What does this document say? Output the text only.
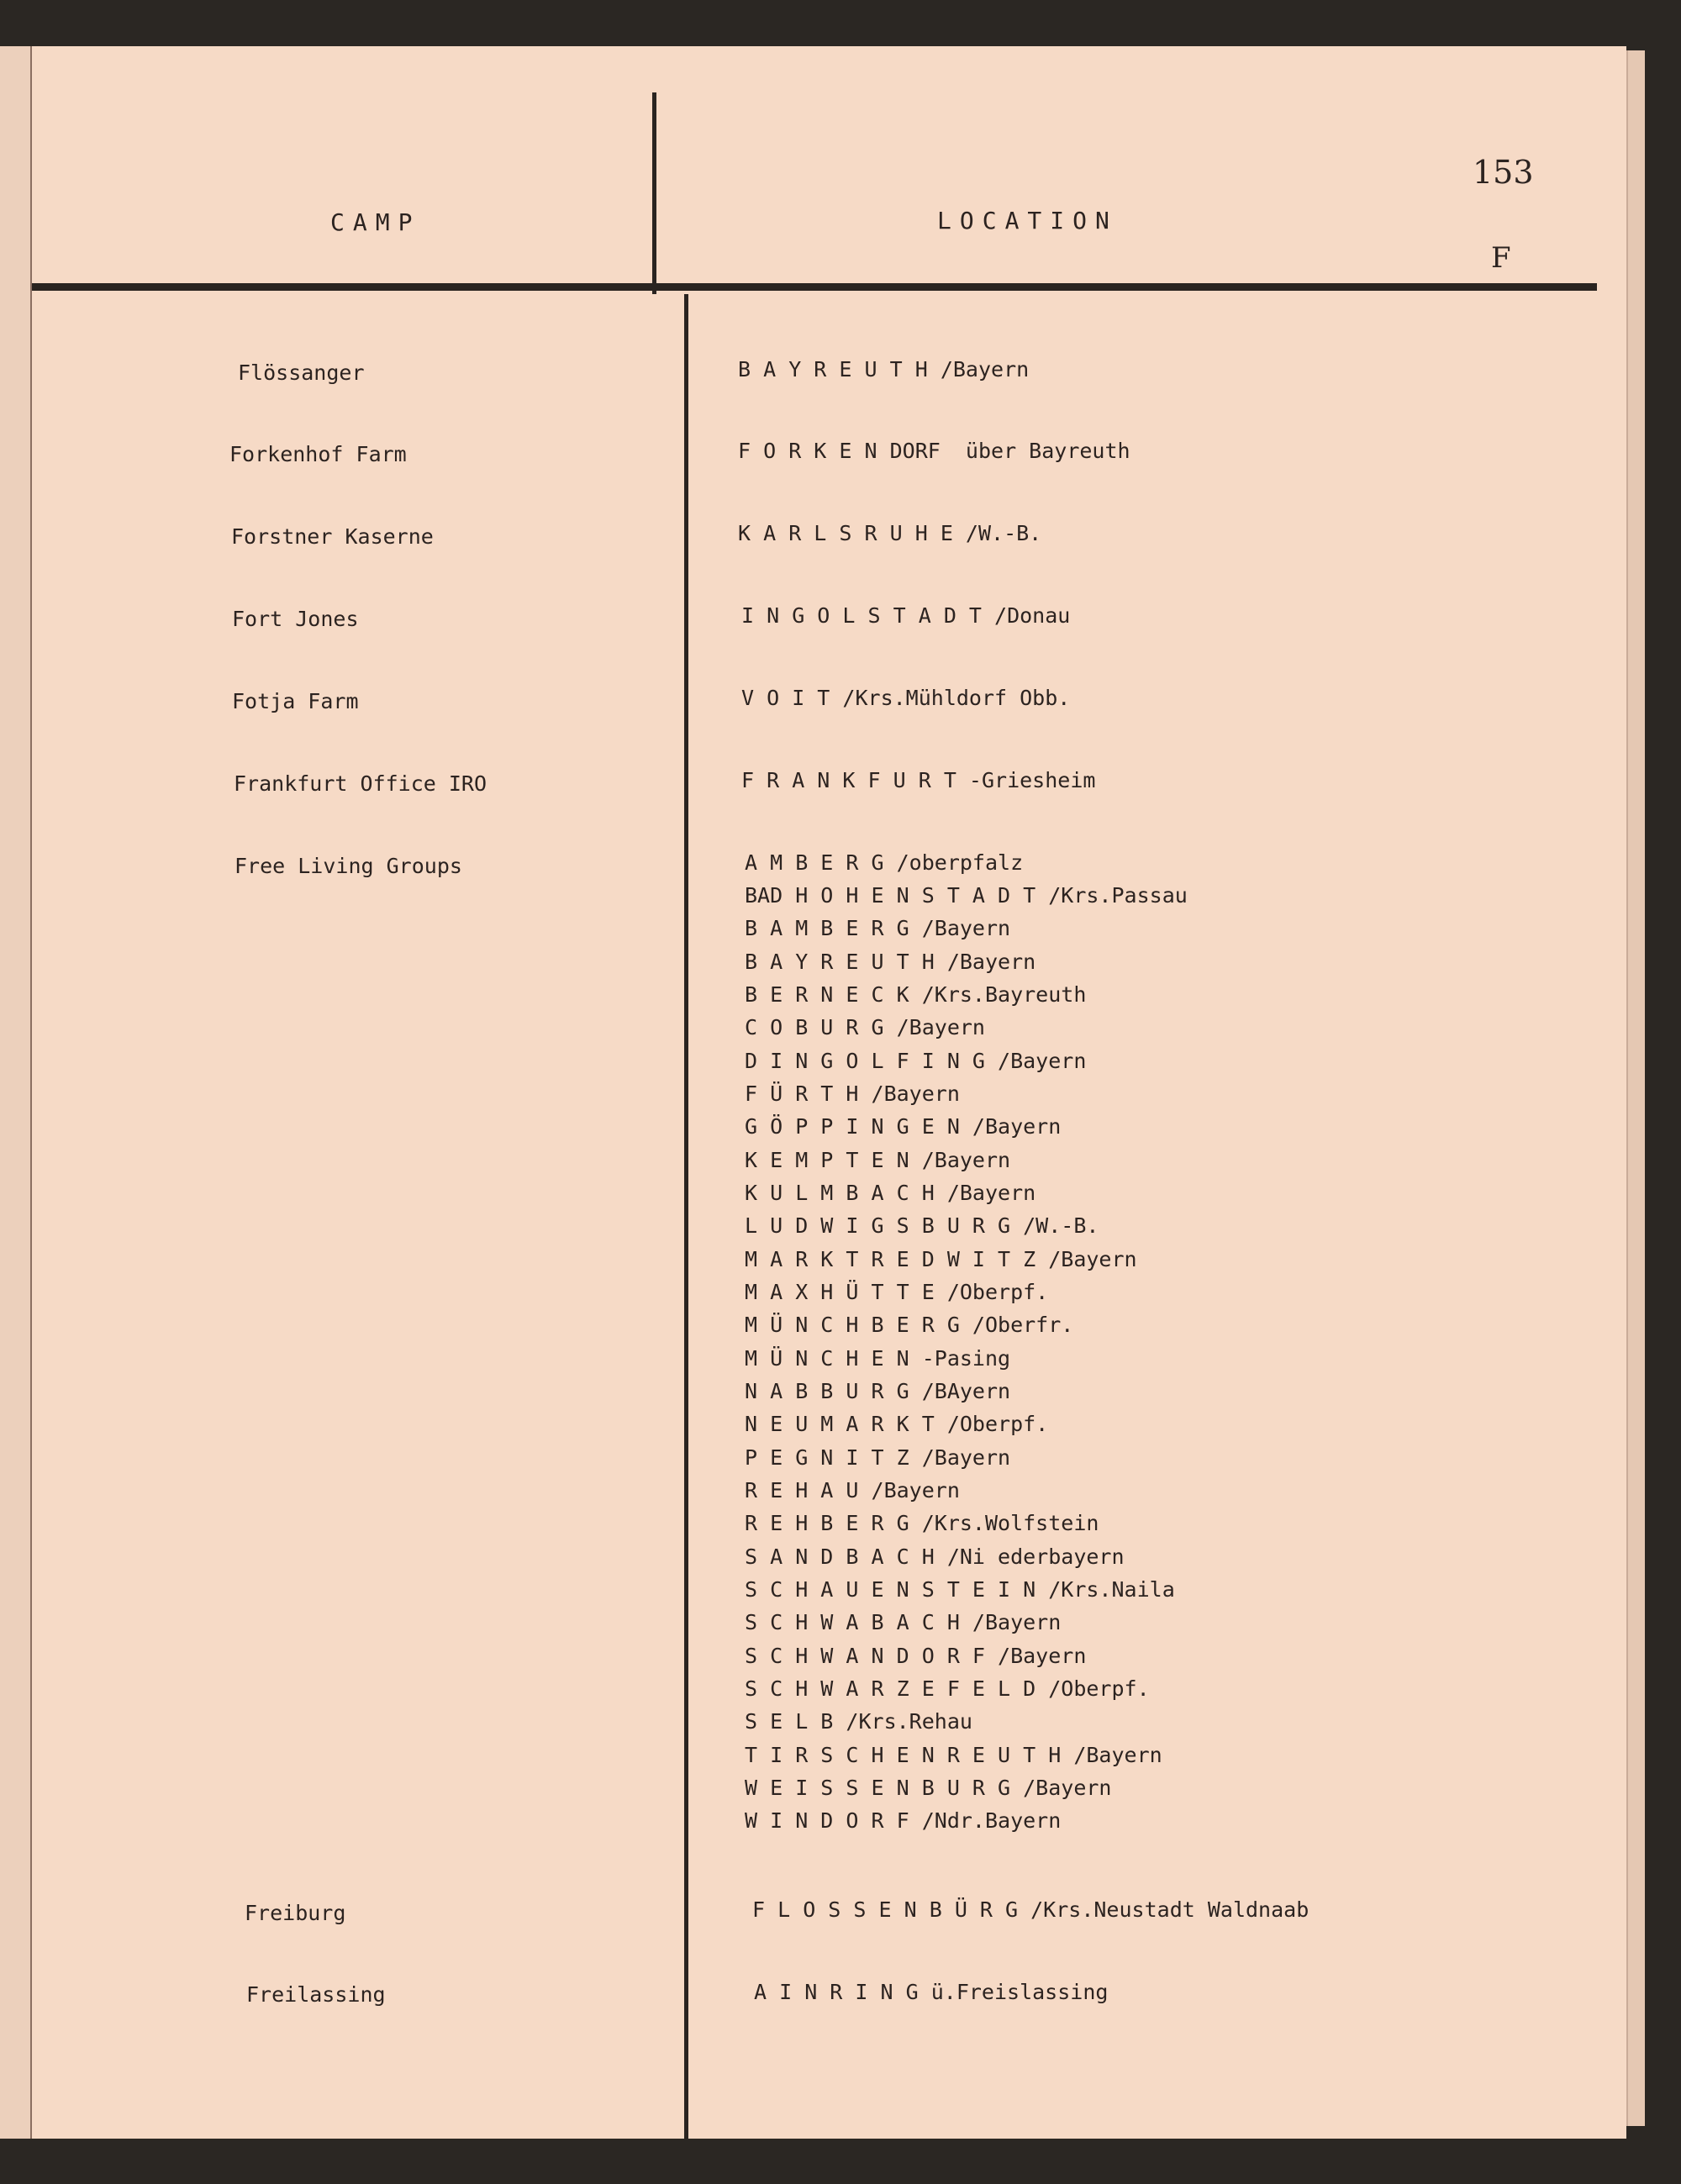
153
F
CAMP	LOCATION
Flössanger
Forkenhof Farm
Forstner Kaserne
Fort Jones
Fotja Farm
Frankfurt Office IRO
Free Living Groups
Freiburg
Freilassing
B A Y R E U T H /Bayern
F O R K E N DORF  über Bayreuth
K A R L S R U H E /W.-B.
I N G O L S T A D T /Donau
V O I T /Krs.Mühldorf Obb.
F R A N K F U R T -Griesheim
A M B E R G /oberpfalz
BAD H O H E N S T A D T /Krs.Passau
B A M B E R G /Bayern
B A Y R E U T H /Bayern
B E R N E C K /Krs.Bayreuth
C O B U R G /Bayern
D I N G O L F I N G /Bayern
F Ü R T H /Bayern
G Ö P P I N G E N /Bayern
K E M P T E N /Bayern
K U L M B A C H /Bayern
L U D W I G S B U R G /W.-B.
M A R K T R E D W I T Z /Bayern
M A X H Ü T T E /Oberpf.
M Ü N C H B E R G /Oberfr.
M Ü N C H E N -Pasing
N A B B U R G /BAyern
N E U M A R K T /Oberpf.
P E G N I T Z /Bayern
R E H A U /Bayern
R E H B E R G /Krs.Wolfstein
S A N D B A C H /Ni ederbayern
S C H A U E N S T E I N /Krs.Naila
S C H W A B A C H /Bayern
S C H W A N D O R F /Bayern
S C H W A R Z E F E L D /Oberpf.
S E L B /Krs.Rehau
T I R S C H E N R E U T H /Bayern
W E I S S E N B U R G /Bayern
W I N D O R F /Ndr.Bayern
F L O S S E N B Ü R G /Krs.Neustadt Waldnaab
A I N R I N G ü.Freislassing
